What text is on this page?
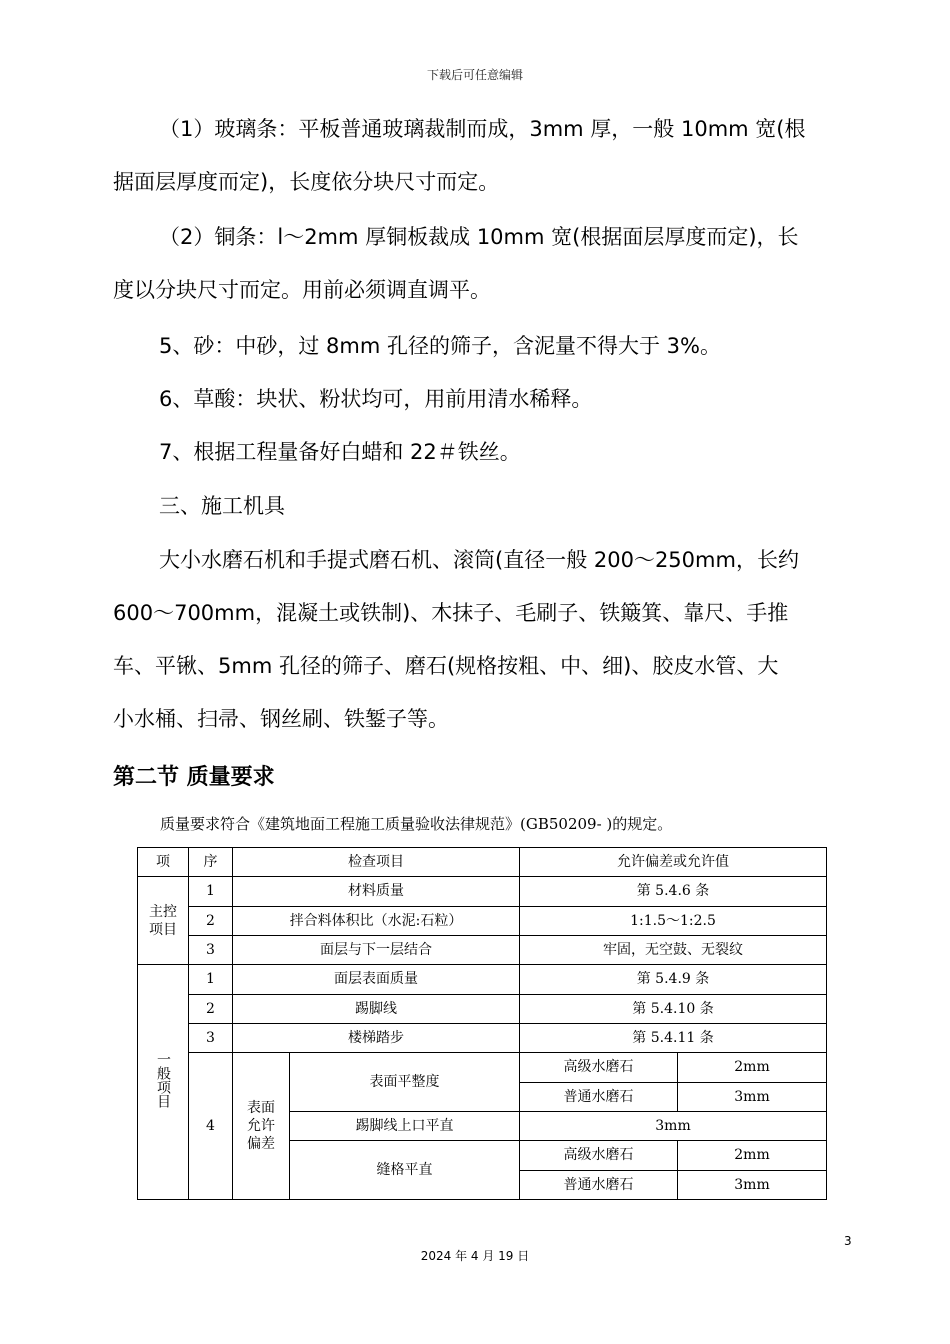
下载后可任意编辑
（1）玻璃条：平板普通玻璃裁制而成，3mm 厚，一般 10mm 宽(根
据面层厚度而定)，长度依分块尺寸而定。
（2）铜条：l～2mm 厚铜板裁成 10mm 宽(根据面层厚度而定)，长
度以分块尺寸而定。用前必须调直调平。
5、砂：中砂，过 8mm 孔径的筛子，含泥量不得大于 3%。
6、草酸：块状、粉状均可，用前用清水稀释。
7、根据工程量备好白蜡和 22＃铁丝。
三、施工机具
大小水磨石机和手提式磨石机、滚筒(直径一般 200～250mm，长约
600～700mm，混凝土或铁制)、木抹子、毛刷子、铁簸箕、靠尺、手推
车、平锹、5mm 孔径的筛子、磨石(规格按粗、中、细)、胶皮水管、大
小水桶、扫帚、钢丝刷、铁錾子等。
第二节 质量要求
质量要求符合《建筑地面工程施工质量验收法律规范》(GB50209- )的规定。
项	序	检查项目		允许偏差或允许值	
主控项目	1	材料质量		第 5.4.6 条	
	2	拌合料体积比（水泥:石粒）		1:1.5～1:2.5	
	3	面层与下一层结合		牢固，无空鼓、无裂纹	
一般项目	1	面层表面质量		第 5.4.9 条	
	2	踢脚线		第 5.4.10 条	
	3	楼梯踏步		第 5.4.11 条	
	4	表面允许偏差	表面平整度	高级水磨石	2mm
				普通水磨石	3mm
			踢脚线上口平直	3mm	
			缝格平直	高级水磨石	2mm
				普通水磨石	3mm
3
2024 年 4 月 19 日
